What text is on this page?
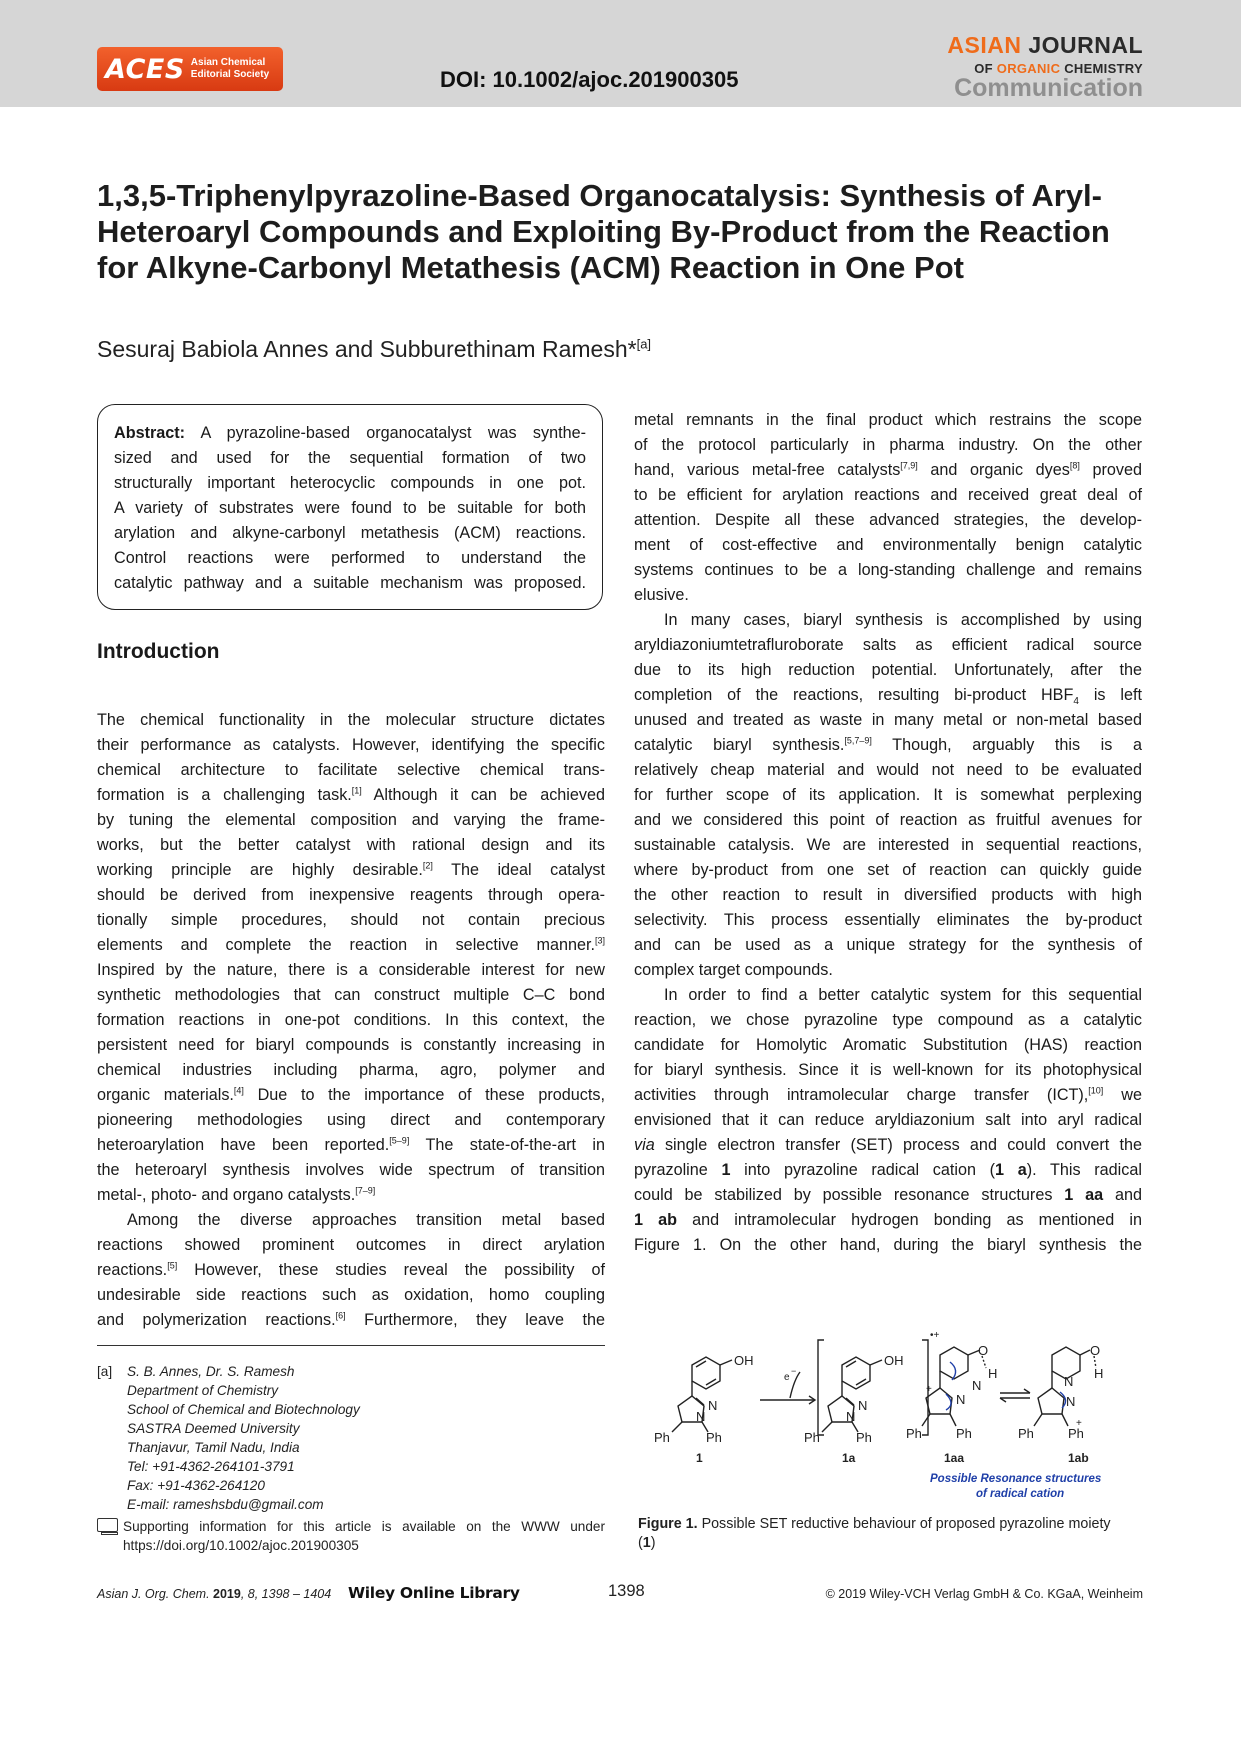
ACES Asian Chemical
Editorial Society	DOI: 10.1002/ajoc.201900305
ASIAN JOURNAL
OF ORGANIC CHEMISTRY
Communication
1,3,5-Triphenylpyrazoline-Based Organocatalysis: Synthesis of Aryl-Heteroaryl Compounds and Exploiting By-Product from the Reaction for Alkyne-Carbonyl Metathesis (ACM) Reaction in One Pot
Sesuraj Babiola Annes and Subburethinam Ramesh*[a]
Abstract: A pyrazoline-based organocatalyst was synthe-
sized and used for the sequential formation of two
structurally important heterocyclic compounds in one pot.
A variety of substrates were found to be suitable for both
arylation and alkyne-carbonyl metathesis (ACM) reactions.
Control reactions were performed to understand the
catalytic pathway and a suitable mechanism was proposed.
Introduction
The chemical functionality in the molecular structure dictates
their performance as catalysts. However, identifying the specific
chemical architecture to facilitate selective chemical trans-
formation is a challenging task.[1] Although it can be achieved
by tuning the elemental composition and varying the frame-
works, but the better catalyst with rational design and its
working principle are highly desirable.[2] The ideal catalyst
should be derived from inexpensive reagents through opera-
tionally simple procedures, should not contain precious
elements and complete the reaction in selective manner.[3]
Inspired by the nature, there is a considerable interest for new
synthetic methodologies that can construct multiple C–C bond
formation reactions in one-pot conditions. In this context, the
persistent need for biaryl compounds is constantly increasing in
chemical industries including pharma, agro, polymer and
organic materials.[4] Due to the importance of these products,
pioneering methodologies using direct and contemporary
heteroarylation have been reported.[5–9] The state-of-the-art in
the heteroaryl synthesis involves wide spectrum of transition
metal-, photo- and organo catalysts.[7–9]
Among the diverse approaches transition metal based
reactions showed prominent outcomes in direct arylation
reactions.[5] However, these studies reveal the possibility of
undesirable side reactions such as oxidation, homo coupling
and polymerization reactions.[6] Furthermore, they leave the
metal remnants in the final product which restrains the scope
of the protocol particularly in pharma industry. On the other
hand, various metal-free catalysts[7,9] and organic dyes[8] proved
to be efficient for arylation reactions and received great deal of
attention. Despite all these advanced strategies, the develop-
ment of cost-effective and environmentally benign catalytic
systems continues to be a long-standing challenge and remains
elusive.
In many cases, biaryl synthesis is accomplished by using
aryldiazoniumtetrafluroborate salts as efficient radical source
due to its high reduction potential. Unfortunately, after the
completion of the reactions, resulting bi-product $HBF_4$ is left
unused and treated as waste in many metal or non-metal based
catalytic biaryl synthesis.[5,7–9] Though, arguably this is a
relatively cheap material and would not need to be evaluated
for further scope of its application. It is somewhat perplexing
and we considered this point of reaction as fruitful avenues for
sustainable catalysis. We are interested in sequential reactions,
where by-product from one set of reaction can quickly guide
the other reaction to result in diversified products with high
selectivity. This process essentially eliminates the by-product
and can be used as a unique strategy for the synthesis of
complex target compounds.
In order to find a better catalytic system for this sequential
reaction, we chose pyrazoline type compound as a catalytic
candidate for Homolytic Aromatic Substitution (HAS) reaction
for biaryl synthesis. Since it is well-known for its photophysical
activities through intramolecular charge transfer (ICT),[10] we
envisioned that it can reduce aryldiazonium salt into aryl radical
via single electron transfer (SET) process and could convert the
pyrazoline 1 into pyrazoline radical cation (1 a). This radical
could be stabilized by possible resonance structures 1 aa and
1 ab and intramolecular hydrogen bonding as mentioned in
Figure 1. On the other hand, during the biaryl synthesis the
OH
N
N
Ph	Ph
e
−
OH
N
N
Ph	Ph
•+
O
H
N
N
+
Ph	Ph
O
H
N
N
+
Ph	Ph
1	1a	1aa	1ab
Possible Resonance structures
of radical cation
Figure 1. Possible SET reductive behaviour of proposed pyrazoline moiety
(1)
[a] S. B. Annes, Dr. S. Ramesh
Department of Chemistry
School of Chemical and Biotechnology
SASTRA Deemed University
Thanjavur, Tamil Nadu, India
Tel: +91-4362-264101-3791
Fax: +91-4362-264120
E-mail: rameshsbdu@gmail.com
Supporting information for this article is available on the WWW under
https://doi.org/10.1002/ajoc.201900305
Asian J. Org. Chem. 2019, 8, 1398 – 1404 Wiley Online Library	1398	© 2019 Wiley-VCH Verlag GmbH & Co. KGaA, Weinheim
